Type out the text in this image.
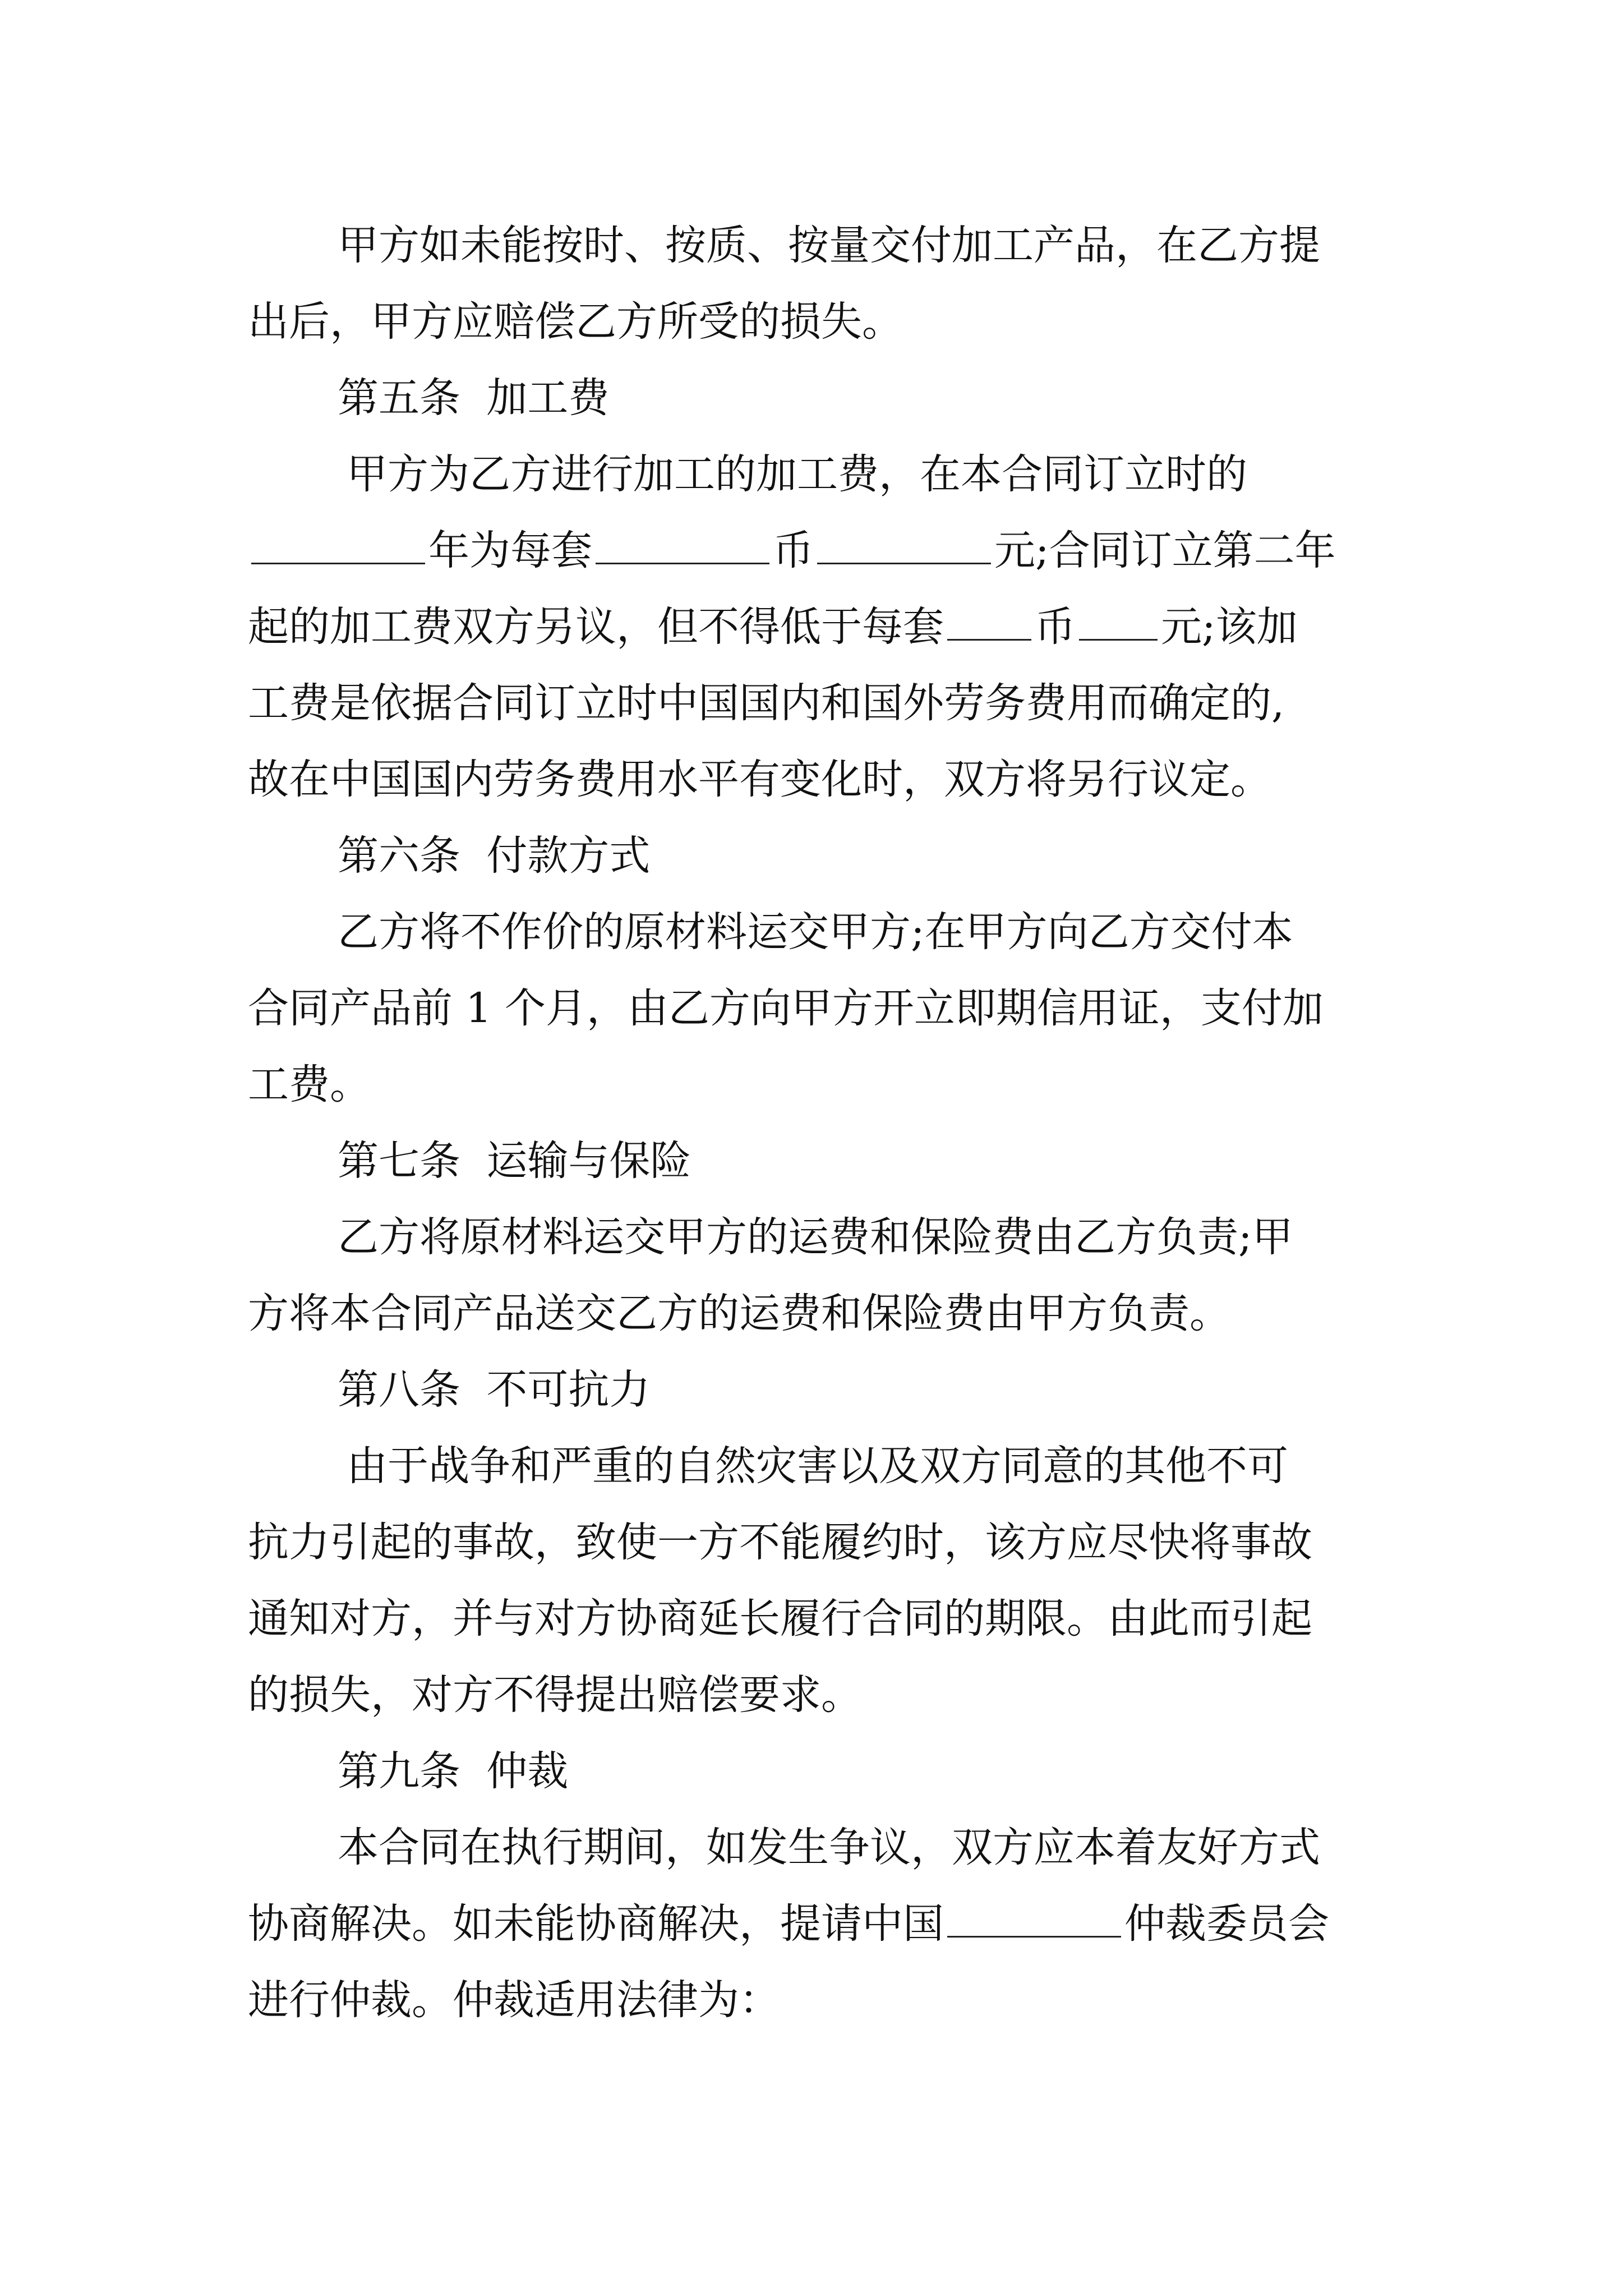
甲方如未能按时、按质、按量交付加工产品，在乙方提
出后，甲方应赔偿乙方所受的损失。
第五条  加工费
甲方为乙方进行加工的加工费，在本合同订立时的
年为每套	币	元;合同订立第二年
起的加工费双方另议，但不得低于每套 币 元;该加
工费是依据合同订立时中国国内和国外劳务费用而确定的,
故在中国国内劳务费用水平有变化时，双方将另行议定。
第六条  付款方式
乙方将不作价的原材料运交甲方;在甲方向乙方交付本
合同产品前 1 个月，由乙方向甲方开立即期信用证，支付加
工费。
第七条  运输与保险
乙方将原材料运交甲方的运费和保险费由乙方负责;甲
方将本合同产品送交乙方的运费和保险费由甲方负责。
第八条  不可抗力
由于战争和严重的自然灾害以及双方同意的其他不可
抗力引起的事故，致使一方不能履约时，该方应尽快将事故
通知对方，并与对方协商延长履行合同的期限。由此而引起
的损失，对方不得提出赔偿要求。
第九条  仲裁
本合同在执行期间，如发生争议，双方应本着友好方式
协商解决。如未能协商解决，提请中国	仲裁委员会
进行仲裁。仲裁适用法律为：
